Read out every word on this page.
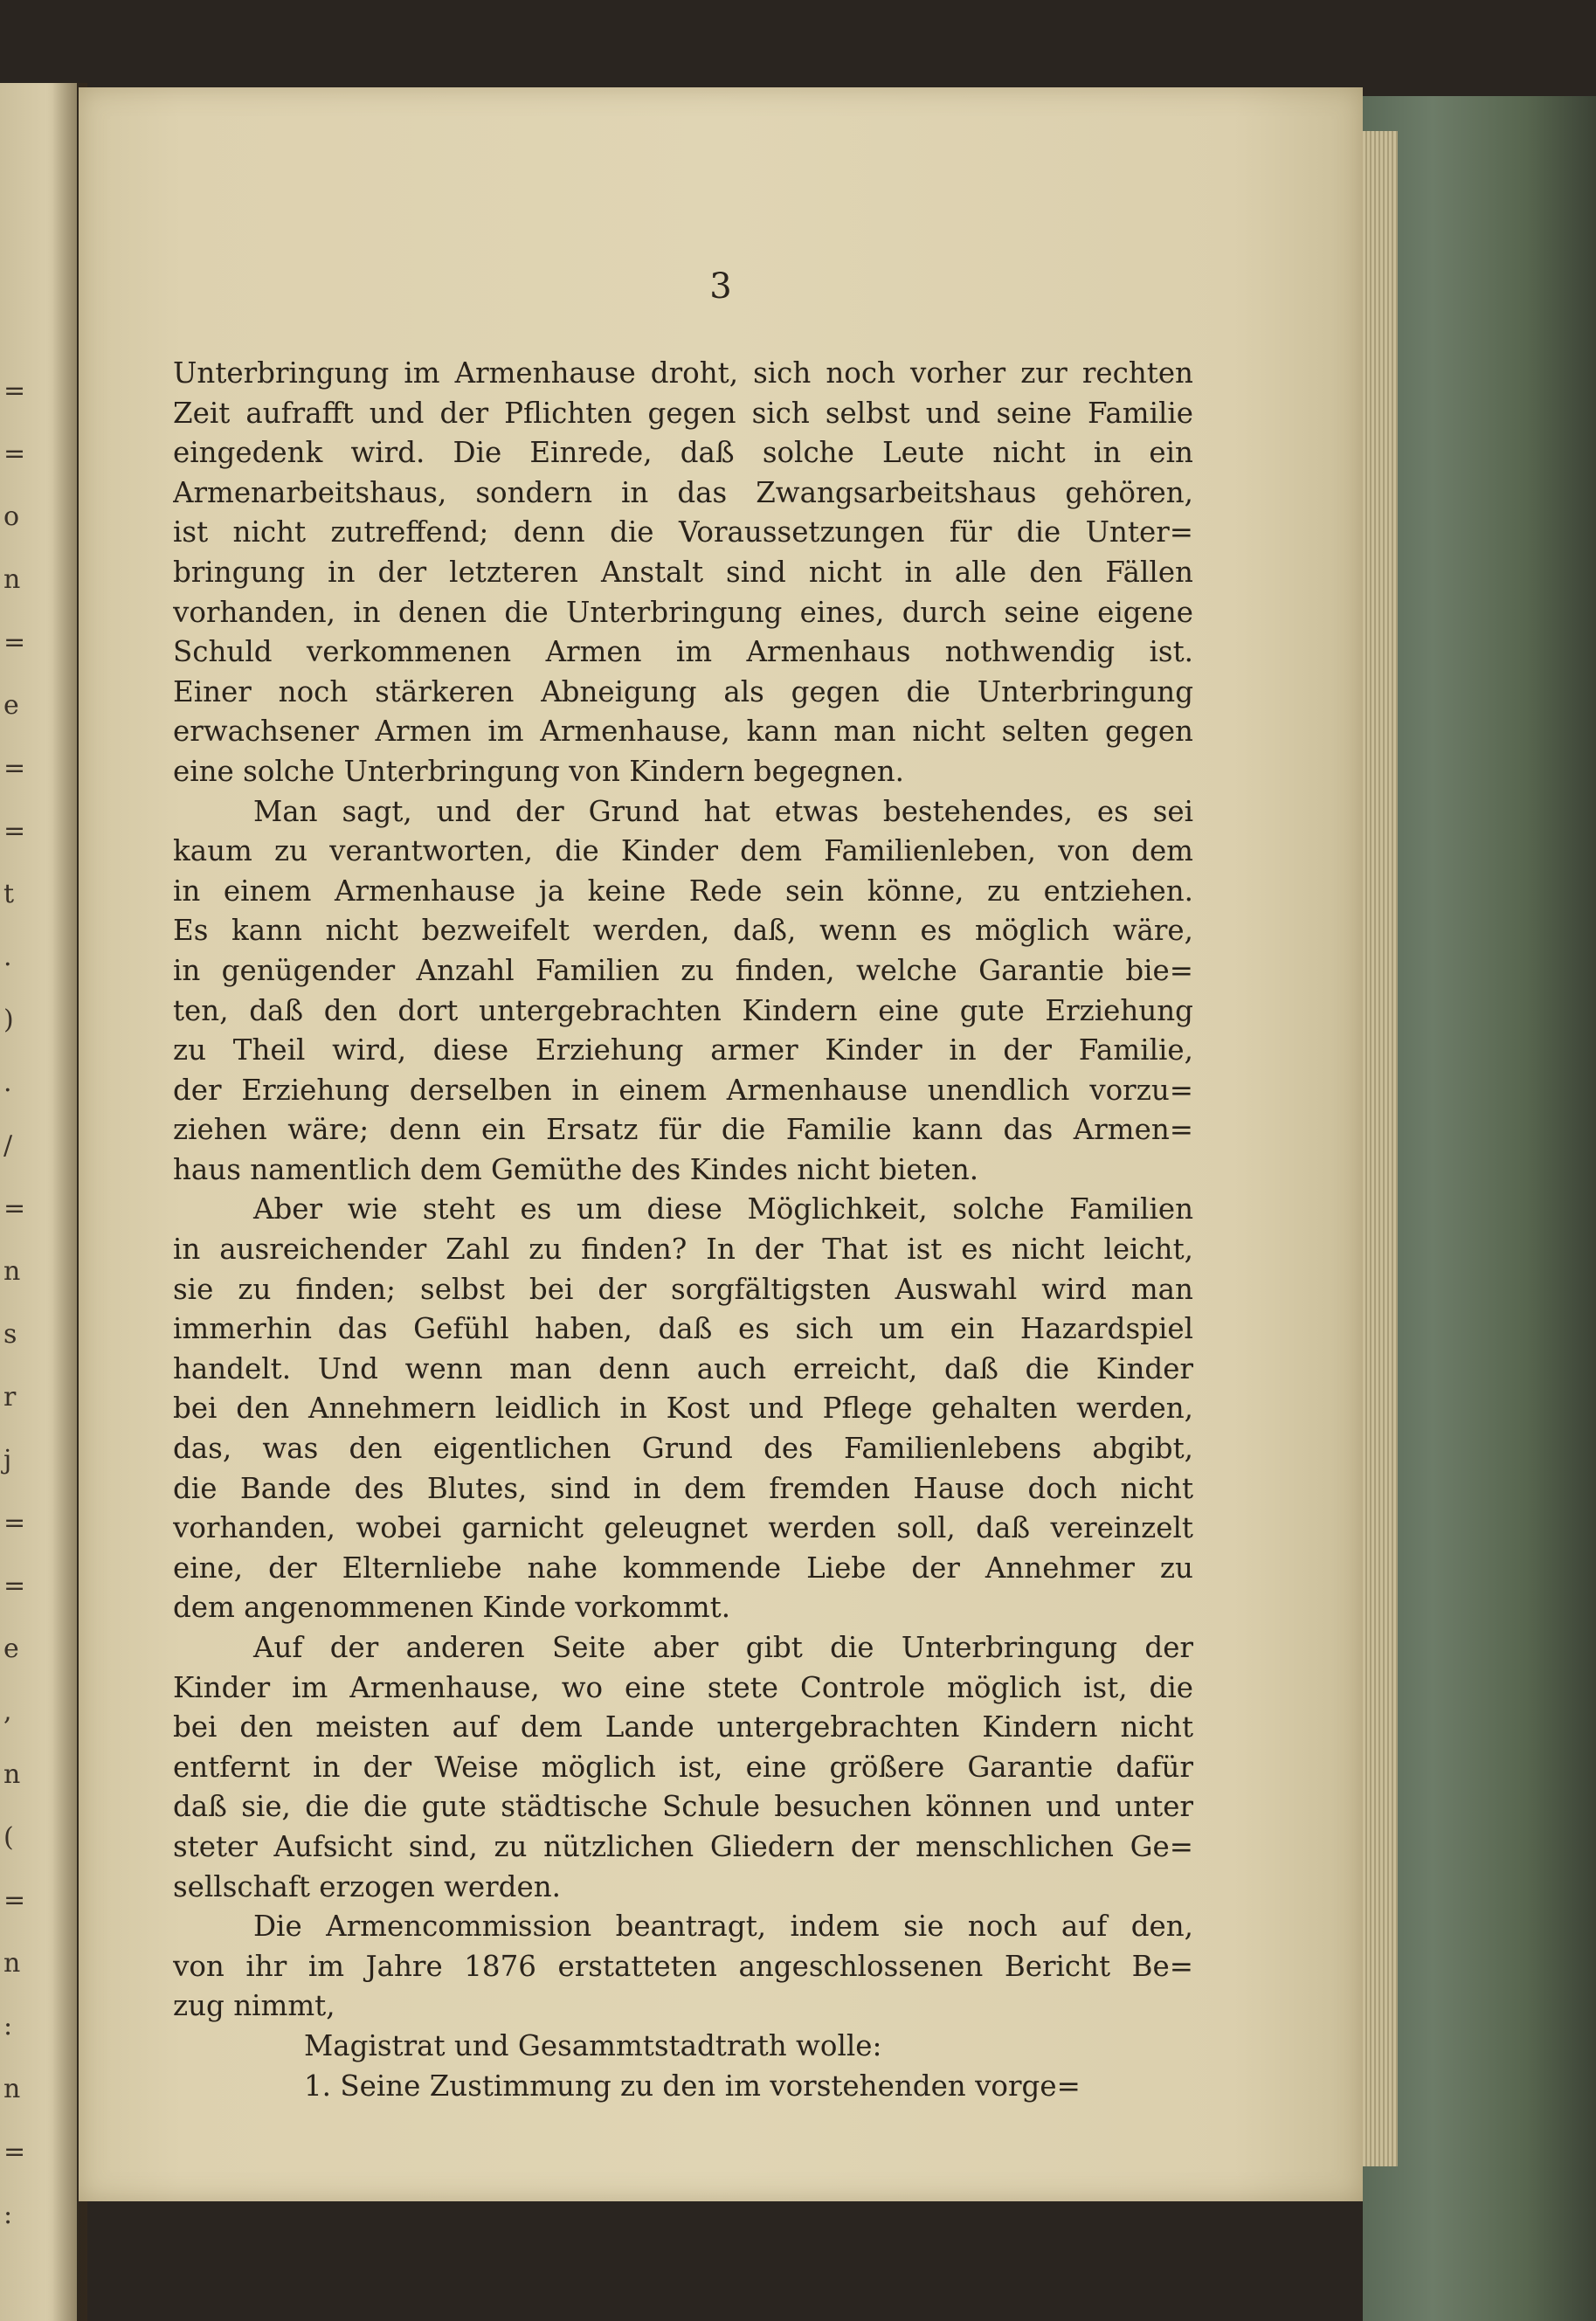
=
=
o
n
=
e
=
=
t
.
)
.
/
=
n
s
r
j
=
=
e
,
n
(
=
n
:
n
=
:
3
Unterbringung im Armenhause droht, sich noch vorher zur rechten
Zeit aufrafft und der Pflichten gegen sich selbst und seine Familie
eingedenk wird. Die Einrede, daß solche Leute nicht in ein
Armenarbeitshaus, sondern in das Zwangsarbeitshaus gehören,
ist nicht zutreffend; denn die Voraussetzungen für die Unter=
bringung in der letzteren Anstalt sind nicht in alle den Fällen
vorhanden, in denen die Unterbringung eines, durch seine eigene
Schuld verkommenen Armen im Armenhaus nothwendig ist.
Einer noch stärkeren Abneigung als gegen die Unterbringung
erwachsener Armen im Armenhause, kann man nicht selten gegen
eine solche Unterbringung von Kindern begegnen.
Man sagt, und der Grund hat etwas bestehendes, es sei
kaum zu verantworten, die Kinder dem Familienleben, von dem
in einem Armenhause ja keine Rede sein könne, zu entziehen.
Es kann nicht bezweifelt werden, daß, wenn es möglich wäre,
in genügender Anzahl Familien zu finden, welche Garantie bie=
ten, daß den dort untergebrachten Kindern eine gute Erziehung
zu Theil wird, diese Erziehung armer Kinder in der Familie,
der Erziehung derselben in einem Armenhause unendlich vorzu=
ziehen wäre; denn ein Ersatz für die Familie kann das Armen=
haus namentlich dem Gemüthe des Kindes nicht bieten.
Aber wie steht es um diese Möglichkeit, solche Familien
in ausreichender Zahl zu finden? In der That ist es nicht leicht,
sie zu finden; selbst bei der sorgfältigsten Auswahl wird man
immerhin das Gefühl haben, daß es sich um ein Hazardspiel
handelt. Und wenn man denn auch erreicht, daß die Kinder
bei den Annehmern leidlich in Kost und Pflege gehalten werden,
das, was den eigentlichen Grund des Familienlebens abgibt,
die Bande des Blutes, sind in dem fremden Hause doch nicht
vorhanden, wobei garnicht geleugnet werden soll, daß vereinzelt
eine, der Elternliebe nahe kommende Liebe der Annehmer zu
dem angenommenen Kinde vorkommt.
Auf der anderen Seite aber gibt die Unterbringung der
Kinder im Armenhause, wo eine stete Controle möglich ist, die
bei den meisten auf dem Lande untergebrachten Kindern nicht
entfernt in der Weise möglich ist, eine größere Garantie dafür
daß sie, die die gute städtische Schule besuchen können und unter
steter Aufsicht sind, zu nützlichen Gliedern der menschlichen Ge=
sellschaft erzogen werden.
Die Armencommission beantragt, indem sie noch auf den,
von ihr im Jahre 1876 erstatteten angeschlossenen Bericht Be=
zug nimmt,
Magistrat und Gesammtstadtrath wolle:
1. Seine Zustimmung zu den im vorstehenden vorge=
